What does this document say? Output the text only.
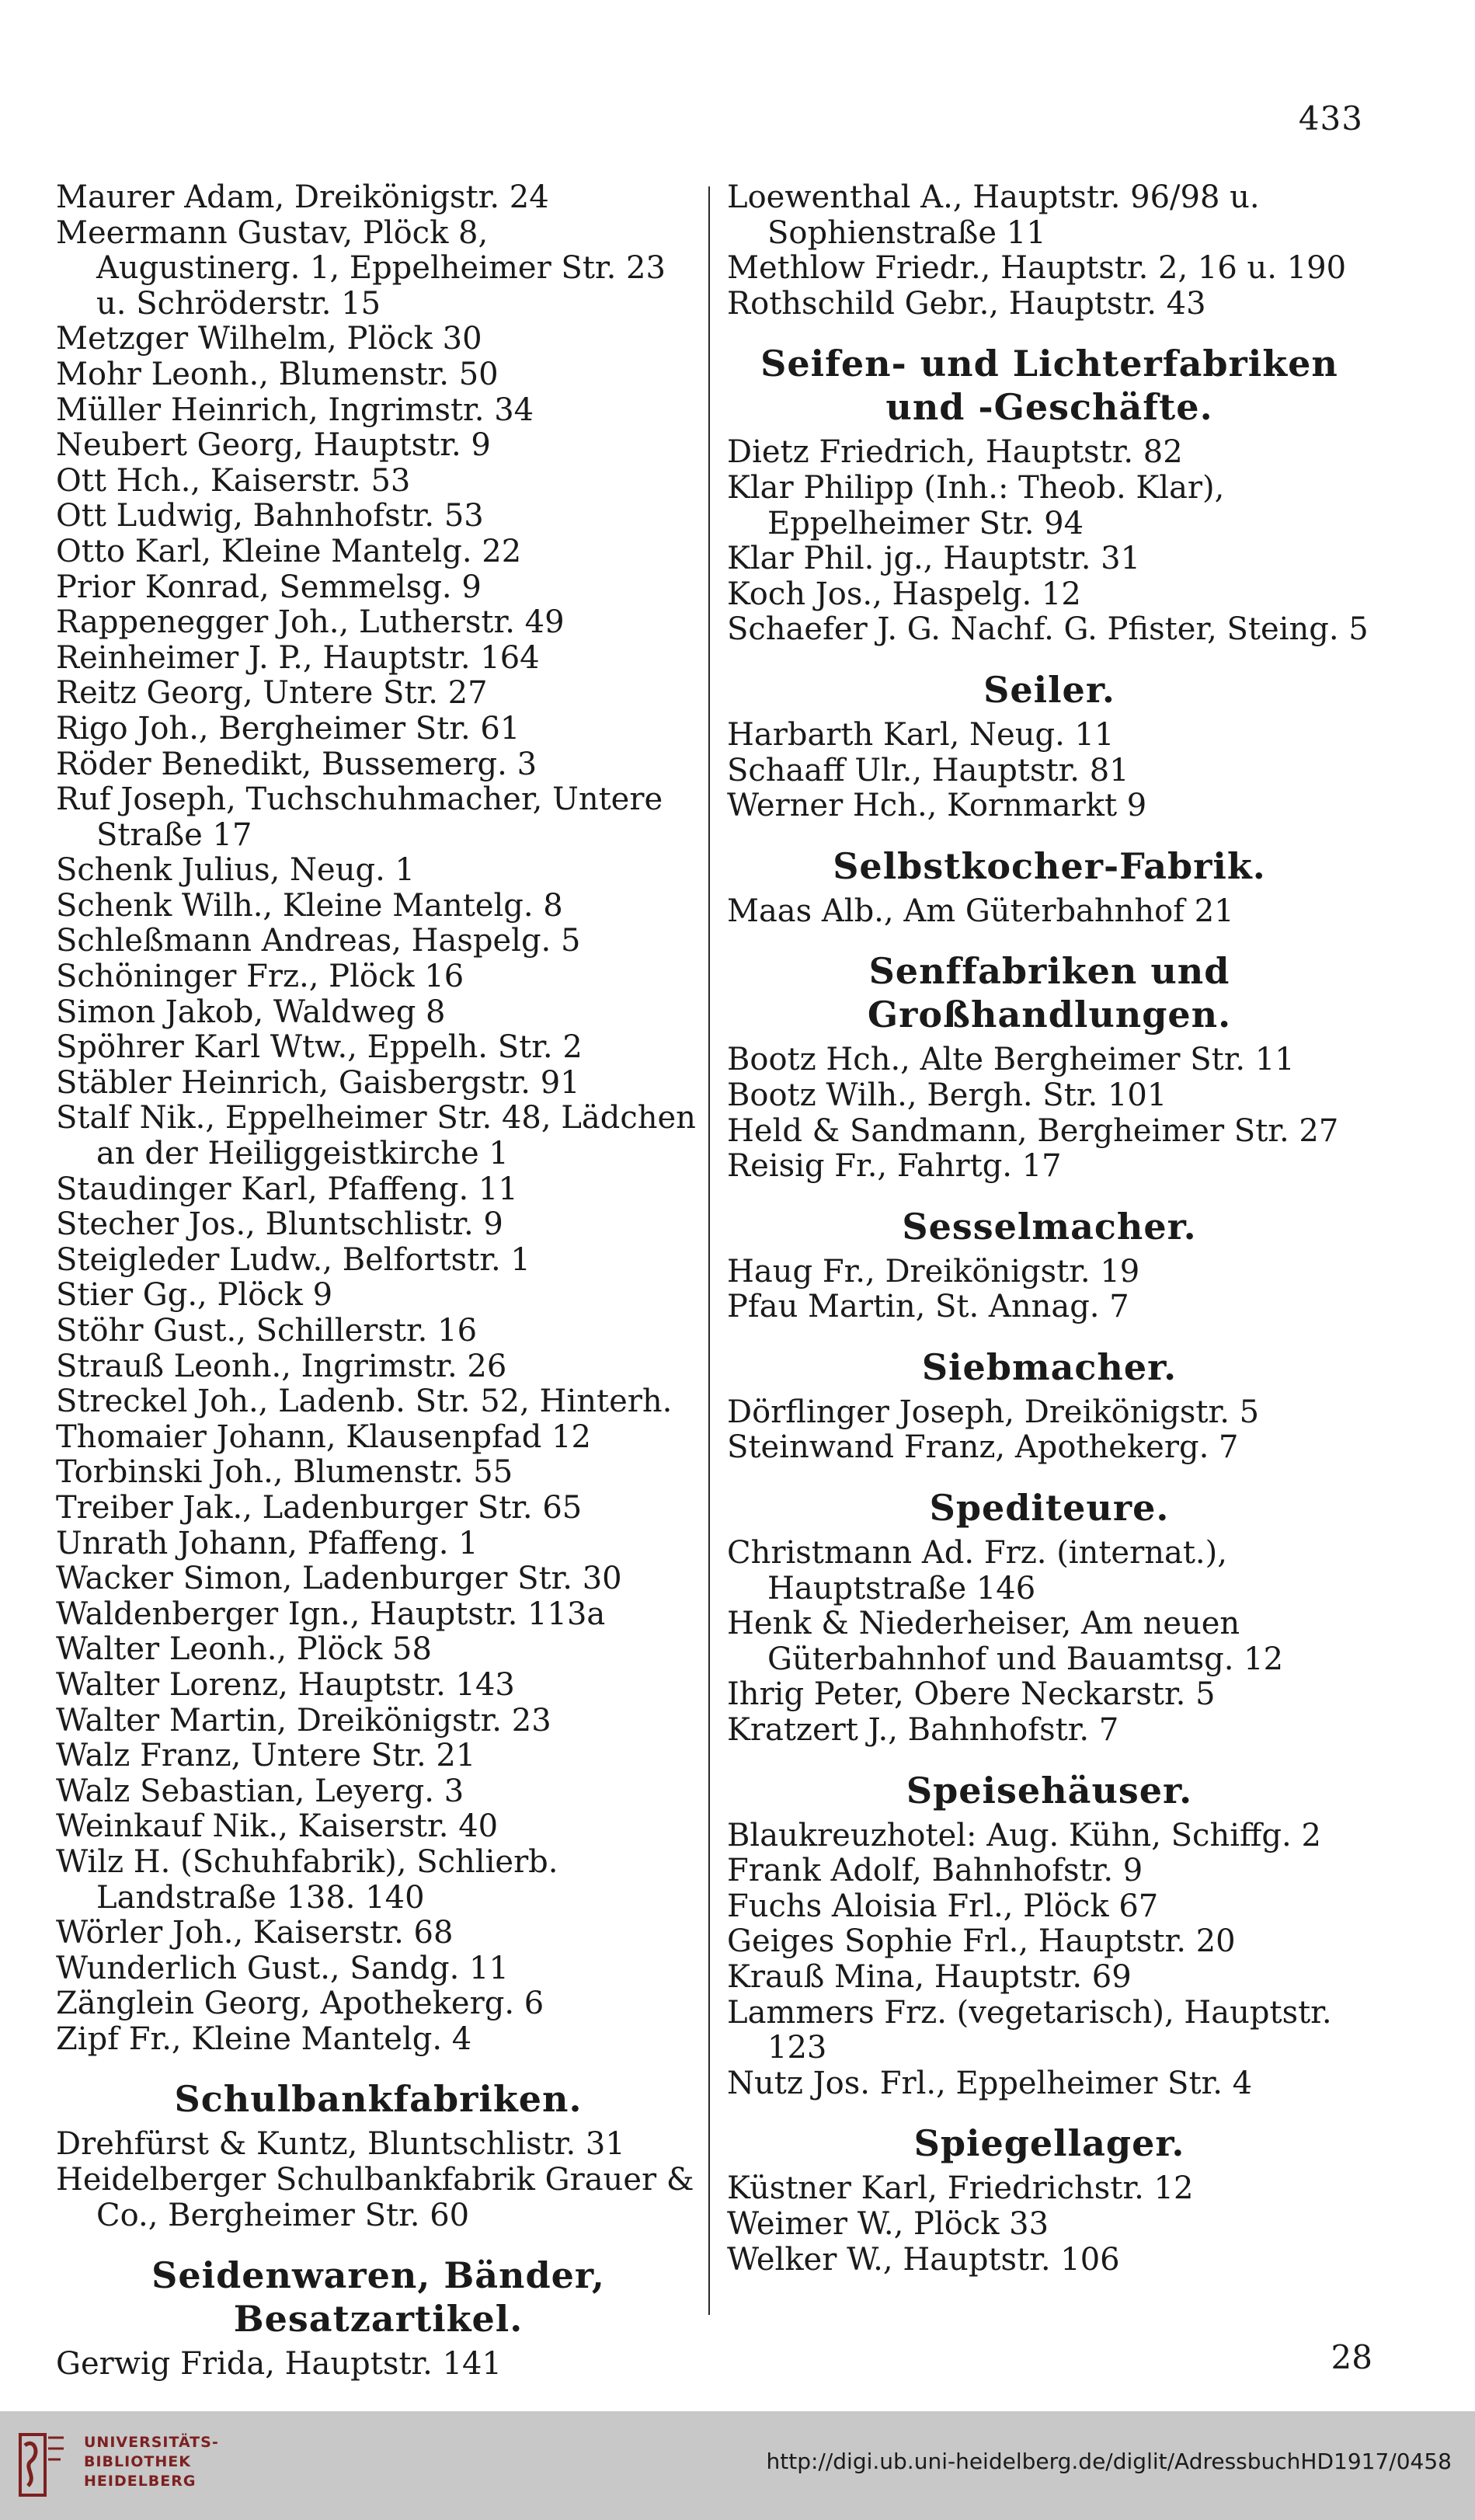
433
Maurer Adam, Dreikönigstr. 24
Meermann Gustav, Plöck 8, Augustinerg. 1, Eppelheimer Str. 23 u. Schröderstr. 15
Metzger Wilhelm, Plöck 30
Mohr Leonh., Blumenstr. 50
Müller Heinrich, Ingrimstr. 34
Neubert Georg, Hauptstr. 9
Ott Hch., Kaiserstr. 53
Ott Ludwig, Bahnhofstr. 53
Otto Karl, Kleine Mantelg. 22
Prior Konrad, Semmelsg. 9
Rappenegger Joh., Lutherstr. 49
Reinheimer J. P., Hauptstr. 164
Reitz Georg, Untere Str. 27
Rigo Joh., Bergheimer Str. 61
Röder Benedikt, Bussemerg. 3
Ruf Joseph, Tuchschuhmacher, Untere Straße 17
Schenk Julius, Neug. 1
Schenk Wilh., Kleine Mantelg. 8
Schleßmann Andreas, Haspelg. 5
Schöninger Frz., Plöck 16
Simon Jakob, Waldweg 8
Spöhrer Karl Wtw., Eppelh. Str. 2
Stäbler Heinrich, Gaisbergstr. 91
Stalf Nik., Eppelheimer Str. 48, Lädchen an der Heiliggeistkirche 1
Staudinger Karl, Pfaffeng. 11
Stecher Jos., Bluntschlistr. 9
Steigleder Ludw., Belfortstr. 1
Stier Gg., Plöck 9
Stöhr Gust., Schillerstr. 16
Strauß Leonh., Ingrimstr. 26
Streckel Joh., Ladenb. Str. 52, Hinterh.
Thomaier Johann, Klausenpfad 12
Torbinski Joh., Blumenstr. 55
Treiber Jak., Ladenburger Str. 65
Unrath Johann, Pfaffeng. 1
Wacker Simon, Ladenburger Str. 30
Waldenberger Ign., Hauptstr. 113a
Walter Leonh., Plöck 58
Walter Lorenz, Hauptstr. 143
Walter Martin, Dreikönigstr. 23
Walz Franz, Untere Str. 21
Walz Sebastian, Leyerg. 3
Weinkauf Nik., Kaiserstr. 40
Wilz H. (Schuhfabrik), Schlierb. Landstraße 138. 140
Wörler Joh., Kaiserstr. 68
Wunderlich Gust., Sandg. 11
Zänglein Georg, Apothekerg. 6
Zipf Fr., Kleine Mantelg. 4
Schulbankfabriken.
Drehfürst & Kuntz, Bluntschlistr. 31
Heidelberger Schulbankfabrik Grauer & Co., Bergheimer Str. 60
Seidenwaren, Bänder, Besatzartikel.
Gerwig Frida, Hauptstr. 141
Loewenthal A., Hauptstr. 96/98 u. Sophienstraße 11
Methlow Friedr., Hauptstr. 2, 16 u. 190
Rothschild Gebr., Hauptstr. 43
Seifen- und Lichterfabriken und -Geschäfte.
Dietz Friedrich, Hauptstr. 82
Klar Philipp (Inh.: Theob. Klar), Eppelheimer Str. 94
Klar Phil. jg., Hauptstr. 31
Koch Jos., Haspelg. 12
Schaefer J. G. Nachf. G. Pfister, Steing. 5
Seiler.
Harbarth Karl, Neug. 11
Schaaff Ulr., Hauptstr. 81
Werner Hch., Kornmarkt 9
Selbstkocher-Fabrik.
Maas Alb., Am Güterbahnhof 21
Senffabriken und Großhandlungen.
Bootz Hch., Alte Bergheimer Str. 11
Bootz Wilh., Bergh. Str. 101
Held & Sandmann, Bergheimer Str. 27
Reisig Fr., Fahrtg. 17
Sesselmacher.
Haug Fr., Dreikönigstr. 19
Pfau Martin, St. Annag. 7
Siebmacher.
Dörflinger Joseph, Dreikönigstr. 5
Steinwand Franz, Apothekerg. 7
Spediteure.
Christmann Ad. Frz. (internat.), Hauptstraße 146
Henk & Niederheiser, Am neuen Güterbahnhof und Bauamtsg. 12
Ihrig Peter, Obere Neckarstr. 5
Kratzert J., Bahnhofstr. 7
Speisehäuser.
Blaukreuzhotel: Aug. Kühn, Schiffg. 2
Frank Adolf, Bahnhofstr. 9
Fuchs Aloisia Frl., Plöck 67
Geiges Sophie Frl., Hauptstr. 20
Krauß Mina, Hauptstr. 69
Lammers Frz. (vegetarisch), Hauptstr. 123
Nutz Jos. Frl., Eppelheimer Str. 4
Spiegellager.
Küstner Karl, Friedrichstr. 12
Weimer W., Plöck 33
Welker W., Hauptstr. 106
28
UNIVERSITÄTS-
BIBLIOTHEK
HEIDELBERG
http://digi.ub.uni-heidelberg.de/diglit/AdressbuchHD1917/0458
